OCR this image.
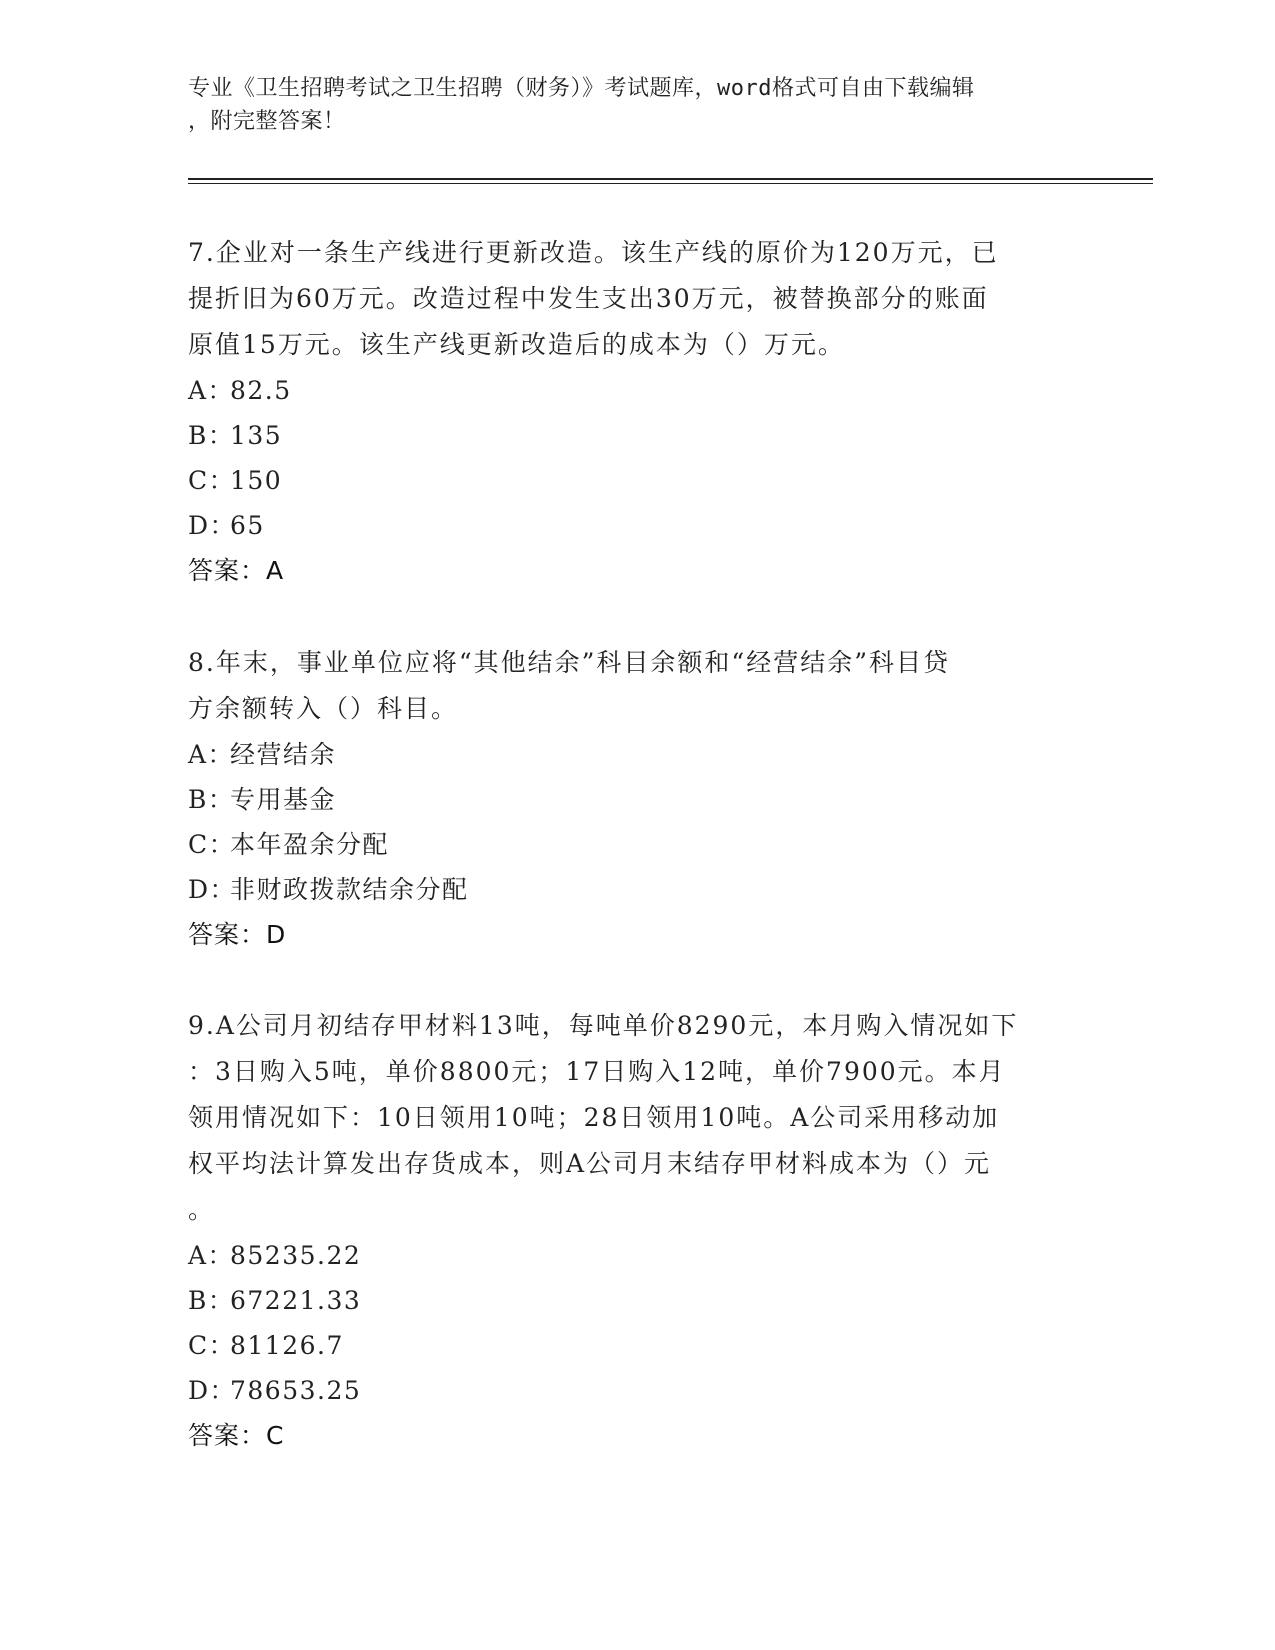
专业《卫生招聘考试之卫生招聘（财务）》考试题库，word格式可自由下载编辑
，附完整答案！
7.企业对一条生产线进行更新改造。该生产线的原价为120万元，已
提折旧为60万元。改造过程中发生支出30万元，被替换部分的账面
原值15万元。该生产线更新改造后的成本为（）万元。
A：82.5
B：135
C：150
D：65
答案：A
8.年末，事业单位应将“其他结余”科目余额和“经营结余”科目贷
方余额转入（）科目。
A：经营结余
B：专用基金
C：本年盈余分配
D：非财政拨款结余分配
答案：D
9.A公司月初结存甲材料13吨，每吨单价8290元，本月购入情况如下
：3日购入5吨，单价8800元；17日购入12吨，单价7900元。本月
领用情况如下：10日领用10吨；28日领用10吨。A公司采用移动加
权平均法计算发出存货成本，则A公司月末结存甲材料成本为（）元
。
A：85235.22
B：67221.33
C：81126.7
D：78653.25
答案：C
